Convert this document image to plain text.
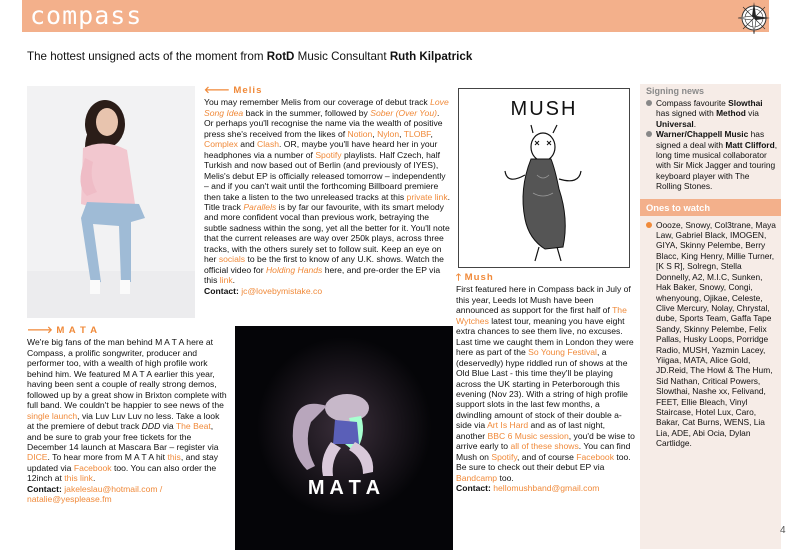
compass
The hottest unsigned acts of the moment from RotD Music Consultant Ruth Kilpatrick
🡐 Melis
You may remember Melis from our coverage of debut track Love Song Idea back in the summer, followed by Sober (Over You). Or perhaps you'll recognise the name via the wealth of positive press she's received from the likes of Notion, Nylon, TLOBF, Complex and Clash. OR, maybe you'll have heard her in your headphones via a number of Spotify playlists. Half Czech, half Turkish and now based out of Berlin (and previously of IYES), Melis's debut EP is officially released tomorrow – independently – and if you can't wait until the forthcoming Billboard premiere then take a listen to the two unreleased tracks at this private link. Title track Parallels is by far our favourite, with its smart melody and more confident vocal than previous work, betraying the subtle sadness within the song, yet all the better for it. You'll note that the current releases are way over 250k plays, across three tracks, with the others surely set to follow suit. Keep an eye on her socials to be the first to know of any U.K. shows. Watch the official video for Holding Hands here, and pre-order the EP via this link.
Contact: jc@lovebymistake.co
🡒 M A T A
We're big fans of the man behind M A T A here at Compass, a prolific songwriter, producer and performer too, with a wealth of high profile work behind him. We featured M A T A earlier this year, having been sent a couple of really strong demos, followed up by a great show in Brixton complete with full band. We couldn't be happier to see news of the single launch, via Luv Luv Luv no less. Take a look at the premiere of debut track DDD via The Beat, and be sure to grab your free tickets for the December 14 launch at Mascara Bar – register via DICE. To hear more from M A T A hit this, and stay updated via Facebook too. You can also order the 12inch at this link.
Contact: jakeleslau@hotmail.com /
natalie@yesplease.fm
M A T A
MUSH
🡑 Mush
First featured here in Compass back in July of this year, Leeds lot Mush have been announced as support for the first half of The Wytches latest tour, meaning you have eight extra chances to see them live, no excuses. Last time we caught them in London they were here as part of the So Young Festival, a (deservedly) hype riddled run of shows at the Old Blue Last - this time they'll be playing across the UK starting in Peterborough this evening (Nov 23). With a string of high profile support slots in the last few months, a dwindling amount of stock of their double a-side via Art Is Hard and as of last night, another BBC 6 Music session, you'd be wise to arrive early to all of these shows. You can find Mush on Spotify, and of course Facebook too. Be sure to check out their debut EP via Bandcamp too.
Contact: hellomushband@gmail.com
Signing news
Compass favourite Slowthai has signed with Method via Universal.
Warner/Chappell Music has signed a deal with Matt Clifford, long time musical collaborator with Sir Mick Jagger and touring keyboard player with The Rolling Stones.
Ones to watch
Oooze, Snowy, Col3trane, Maya Law, Gabriel Black, IMOGEN, GIYA, Skinny Pelembe, Berry Blacc, King Henry, Millie Turner, [K S R], Solregn, Stella Donnelly, A2, M.I.C, Sunken, Hak Baker, Snowy, Congi, whenyoung, Ojikae, Celeste, Clive Mercury, Nolay, Chrystal, dube, Sports Team, Gaffa Tape Sandy, Skinny Pelembe, Felix Pallas, Husky Loops, Porridge Radio, MUSH, Yazmin Lacey, Yiigaa, MATA, Alice Gold, JD.Reid, The Howl & The Hum, Sid Nathan, Critical Powers, Slowthai, Nashe xx, Felivand, FEET, Ellie Bleach, Vinyl Staircase, Hotel Lux, Caro, Bakar, Cat Burns, WENS, Lia Lia, ADE, Abi Ocia, Dylan Cartlidge.
4
